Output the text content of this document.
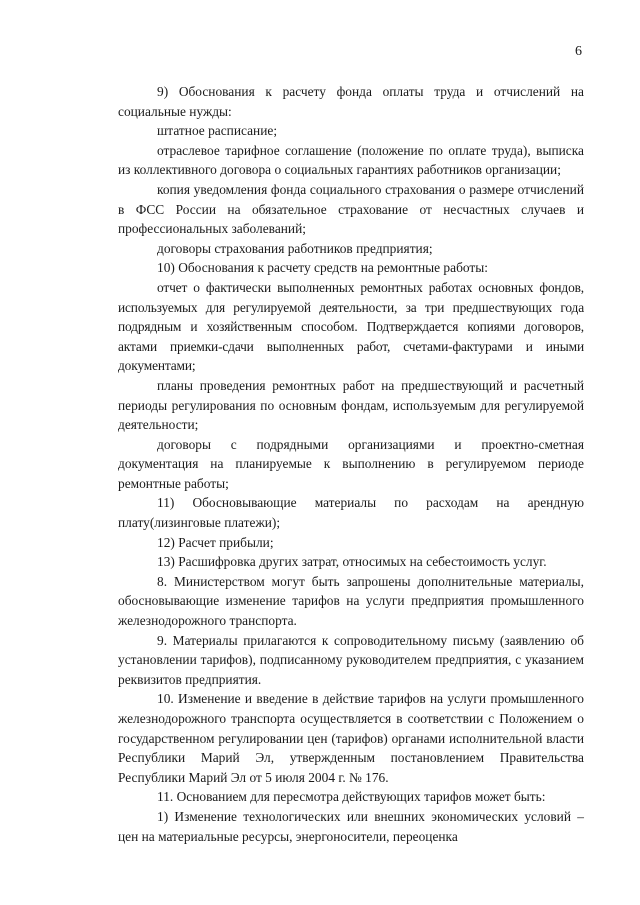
6

9) Обоснования к расчету фонда оплаты труда и отчислений на социальные нужды:

штатное расписание;

отраслевое тарифное соглашение (положение по оплате труда), выписка из коллективного договора о социальных гарантиях работников организации;

копия уведомления фонда социального страхования о размере отчислений в ФСС России на обязательное страхование от несчастных случаев и профессиональных заболеваний;

договоры страхования работников предприятия;

10) Обоснования к расчету средств на ремонтные работы:

отчет о фактически выполненных ремонтных работах основных фондов, используемых для регулируемой деятельности, за три предшествующих года подрядным и хозяйственным способом. Подтверждается копиями договоров, актами приемки-сдачи выполненных работ, счетами-фактурами и иными документами;

планы проведения ремонтных работ на предшествующий и расчетный периоды регулирования по основным фондам, используемым для регулируемой деятельности;

договоры с подрядными организациями и проектно-сметная документация на планируемые к выполнению в регулируемом периоде ремонтные работы;

11) Обосновывающие материалы по расходам на арендную плату(лизинговые платежи);

12) Расчет прибыли;

13) Расшифровка других затрат, относимых на себестоимость услуг.

8. Министерством могут быть запрошены дополнительные материалы, обосновывающие изменение тарифов на услуги предприятия промышленного железнодорожного транспорта.

9. Материалы прилагаются к сопроводительному письму (заявлению об установлении тарифов), подписанному руководителем предприятия, с указанием реквизитов предприятия.

10. Изменение и введение в действие тарифов на услуги промышленного железнодорожного транспорта осуществляется в соответствии с Положением о государственном регулировании цен (тарифов) органами исполнительной власти Республики Марий Эл, утвержденным постановлением Правительства Республики Марий Эл от 5 июля 2004 г. № 176.

11. Основанием для пересмотра действующих тарифов может быть:

1) Изменение технологических или внешних экономических условий – цен на материальные ресурсы, энергоносители, переоценка
